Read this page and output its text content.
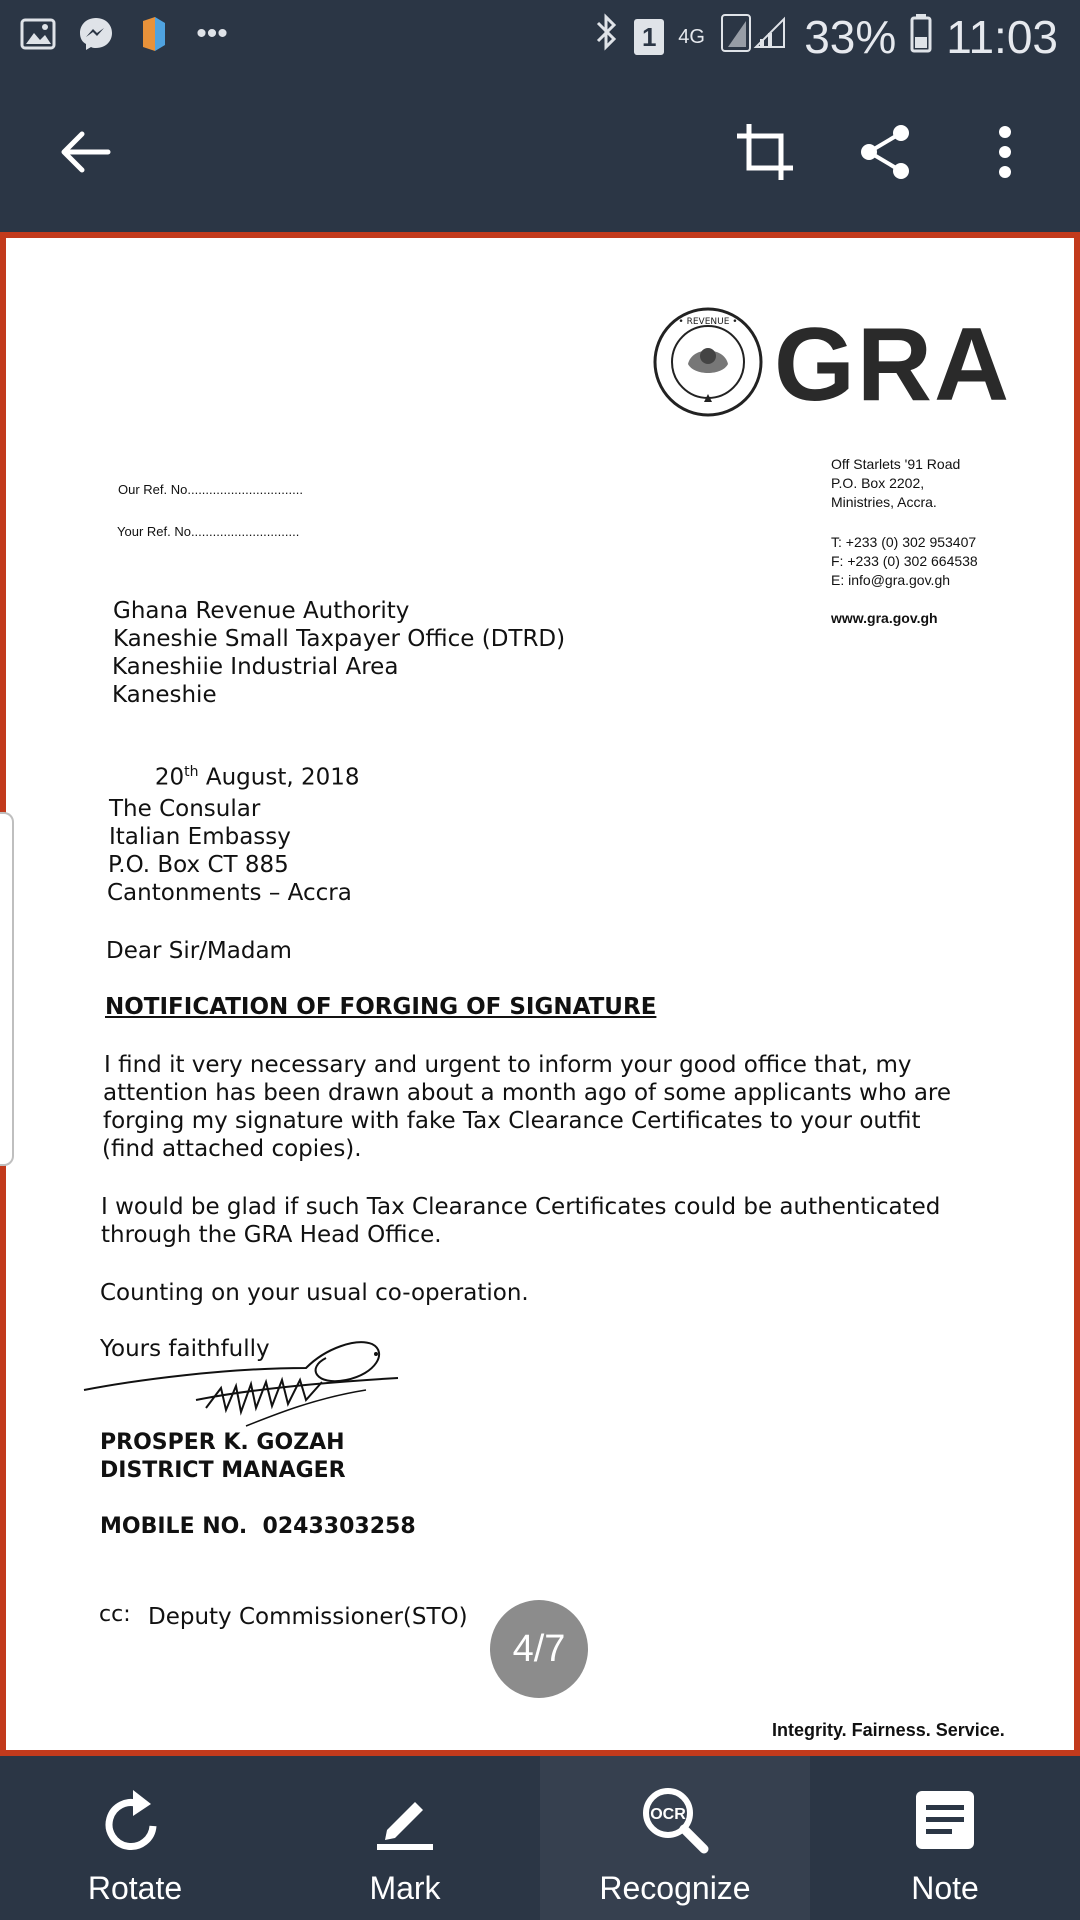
•••	1	4G 33% 11:03
• REVENUE • GRA
Off Starlets '91 Road
P.O. Box 2202,
Ministries, Accra.
T: +233 (0) 302 953407
F: +233 (0) 302 664538
E: info@gra.gov.gh
www.gra.gov.gh
Our Ref. No................................
Your Ref. No..............................
Ghana Revenue Authority
Kaneshie Small Taxpayer Office (DTRD)
Kaneshiie Industrial Area
Kaneshie

20th August, 2018

The Consular
Italian Embassy
P.O. Box CT 885
Cantonments – Accra
Dear Sir/Madam
NOTIFICATION OF FORGING OF SIGNATURE
I find it very necessary and urgent to inform your good office that, my
attention has been drawn about a month ago of some applicants who are
forging my signature with fake Tax Clearance Certificates to your outfit
(find attached copies).
I would be glad if such Tax Clearance Certificates could be authenticated
through the GRA Head Office.
Counting on your usual co-operation.
Yours faithfully
PROSPER K. GOZAH
DISTRICT MANAGER
MOBILE NO.  0243303258
cc: Deputy Commissioner(STO)
Integrity. Fairness. Service.
4/7
Rotate	Mark
OCR
Recognize	Note
